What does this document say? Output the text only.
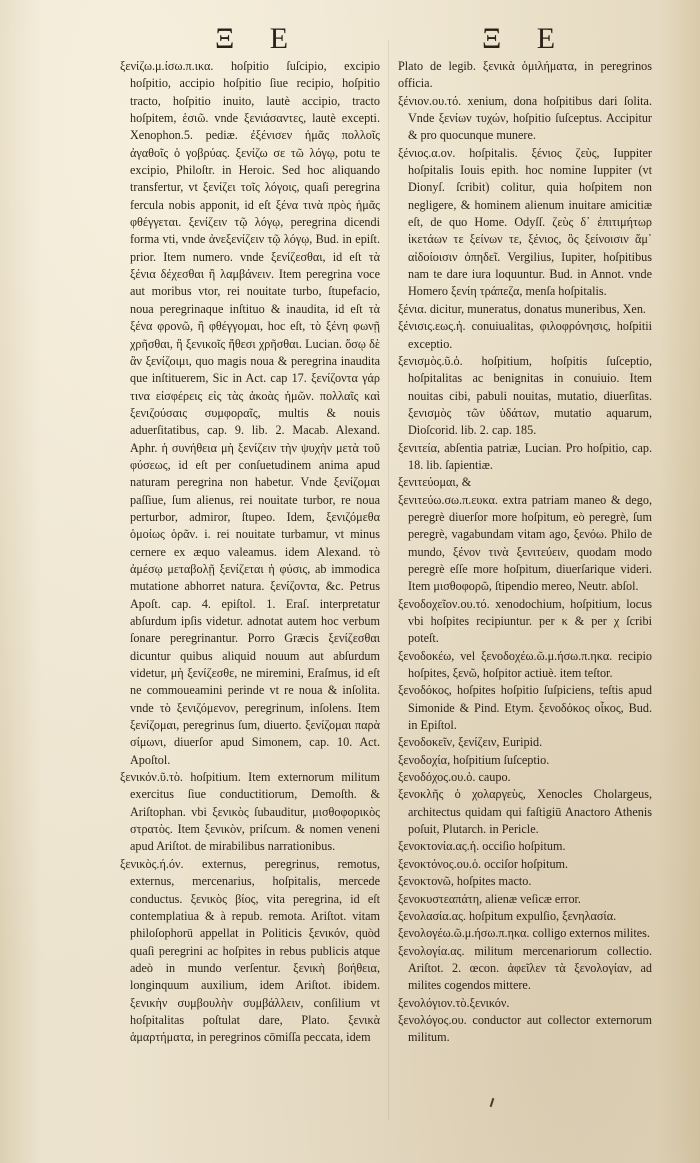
Ξ Ε	Ξ Ε

ξενίζω.μ.ίσω.π.ικα. hoſpitio ſuſcipio, excipio hoſpitio, accipio hoſpitio ſiue recipio, hoſpitio tracto, hoſpitio inuito, lautè accipio, tracto hoſpitem, ἑσιῶ. vnde ξενιάσαντες, lautè excepti. Xenophon.5. pediæ. ἐξένισεν ἡμᾶς πολλοῖς ἀγαθοῖς ὁ γοβρύας. ξενίζω σε τῶ λόγῳ, potu te excipio, Philoſtr. in Heroic. Sed hoc aliquando transfertur, vt ξενίζει τοῖς λόγοις, quaſi peregrina fercula nobis apponit, id eſt ξένα τινὰ πρὸς ἡμᾶς φθέγγεται. ξενίζειν τῷ λόγῳ, peregrina dicendi forma vti, vnde ἀνεξενίζειν τῷ λόγῳ, Bud. in epiſt. prior. Item numero. vnde ξενίζεσθαι, id eſt τὰ ξένια δέχεσθαι ἢ λαμβάνειν. Item peregrina voce aut moribus vtor, rei nouitate turbo, ſtupefacio, noua peregrinaque inſtituo & inaudita, id eſt τὰ ξένα φρονῶ, ἢ φθέγγομαι, hoc eſt, τὸ ξένη φωνῇ χρῆσθαι, ἢ ξενικοῖς ἤθεσι χρῆσθαι. Lucian. ὅσῳ δὲ ἂν ξενίζοιμι, quo magis noua & peregrina inaudita que inſtituerem, Sic in Act. cap 17. ξενίζοντα γάρ τινα εἰσφέρεις εἰς τὰς ἀκοὰς ἡμῶν. πολλαῖς καὶ ξενιζούσαις συμφοραῖς, multis & nouis aduerſitatibus, cap. 9. lib. 2. Macab. Alexand. Aphr. ἡ συνήθεια μὴ ξενίζειν τὴν ψυχὴν μετὰ τοῦ φύσεως, id eſt per conſuetudinem anima apud naturam peregrina non habetur. Vnde ξενίζομαι paſſiue, ſum alienus, rei nouitate turbor, re noua perturbor, admiror, ſtupeo. Idem, ξενιζόμεθα ὁμοίως ὁρᾶν. i. rei nouitate turbamur, vt minus cernere ex æquo valeamus. idem Alexand. τὸ ἀμέσῳ μεταβολῇ ξενίζεται ἡ φύσις, ab immodica mutatione abhorret natura. ξενίζοντα, &c. Petrus Apoſt. cap. 4. epiſtol. 1. Eraſ. interpretatur abſurdum ipſis videtur. adnotat autem hoc verbum ſonare peregrinantur. Porro Græcis ξενίζεσθαι dicuntur quibus aliquid nouum aut abſurdum videtur, μὴ ξενίζεσθε, ne miremini, Eraſmus, id eſt ne commoueamini perinde vt re noua & inſolita. vnde τὸ ξενιζόμενον, peregrinum, inſolens. Item ξενίζομαι, peregrinus ſum, diuerto. ξενίζομαι παρὰ σίμωνι, diuerſor apud Simonem, cap. 10. Act. Apoſtol.

ξενικόν.ῦ.τὸ. hoſpitium. Item externorum militum exercitus ſiue conductitiorum, Demoſth. & Ariſtophan. vbi ξενικὸς ſubauditur, μισθοφορικὸς στρατὸς. Item ξενικὸν, priſcum. & nomen veneni apud Ariſtot. de mirabilibus narrationibus.

ξενικὸς.ή.όν. externus, peregrinus, remotus, externus, mercenarius, hoſpitalis, mercede conductus. ξενικὸς βίος, vita peregrina, id eſt contemplatiua & à repub. remota. Ariſtot. vitam philoſophorū appellat in Politicis ξενικόν, quòd quaſi peregrini ac hoſpites in rebus publicis atque adeò in mundo verſentur. ξενικὴ βοήθεια, longinquum auxilium, idem Ariſtot. ibidem. ξενικὴν συμβουλὴν συμβάλλειν, conſilium vt hoſpitalitas poſtulat dare, Plato. ξενικὰ ἁμαρτήματα, in peregrinos cōmiſſa peccata, idem

Plato de legib. ξενικὰ ὁμιλήματα, in peregrinos officia.

ξένιον.ου.τό. xenium, dona hoſpitibus dari ſolita. Vnde ξενίων τυχών, hoſpitio ſuſceptus. Accipitur & pro quocunque munere.

ξένιος.α.ον. hoſpitalis. ξένιος ζεὺς, Iuppiter hoſpitalis Iouis epith. hoc nomine Iuppiter (vt Dionyſ. ſcribit) colitur, quia hoſpitem non negligere, & hominem alienum inuitare amicitiæ eſt, de quo Home. Odyſſ. ζεὺς δ᾽ ἐπιτιμήτωρ ἱκετάων τε ξείνων τε, ξένιος, ὃς ξείνοισιν ἅμ᾽ αἰδοίοισιν ὀπηδεῖ. Vergilius, Iupiter, hoſpitibus nam te dare iura loquuntur. Bud. in Annot. vnde Homero ξενίη τράπεζα, menſa hoſpitalis.

ξένια. dicitur, muneratus, donatus muneribus, Xen.

ξένισις.εως.ἡ. conuiualitas, φιλοφρόνησις, hoſpitii exceptio.

ξενισμὸς.ῦ.ὁ. hoſpitium, hoſpitis ſuſceptio, hoſpitalitas ac benignitas in conuiuio. Item nouitas cibi, pabuli nouitas, mutatio, diuerſitas. ξενισμὸς τῶν ὑδάτων, mutatio aquarum, Dioſcorid. lib. 2. cap. 185.

ξενιτεία, abſentia patriæ, Lucian. Pro hoſpitio, cap. 18. lib. ſapientiæ.

ξενιτεύομαι, &

ξενιτεύω.σω.π.ευκα. extra patriam maneo & dego, peregrè diuerſor more hoſpitum, eò peregrè, ſum peregrè, vagabundam vitam ago, ξενόω. Philo de mundo, ξένον τινὰ ξενιτεύειν, quodam modo peregrè eſſe more hoſpitum, diuerſarique videri. Item μισθοφορῶ, ſtipendio mereo, Neutr. abſol.

ξενοδοχεῖον.ου.τό. xenodochium, hoſpitium, locus vbi hoſpites recipiuntur. per κ & per χ ſcribi poteſt.

ξενοδοκέω, vel ξενοδοχέω.ῶ.μ.ήσω.π.ηκα. recipio hoſpites, ξενῶ, hoſpitor actiuè. item teſtor.

ξενοδόκος, hoſpites hoſpitio ſuſpiciens, teſtis apud Simonide & Pind. Etym. ξενοδόκος οἶκος, Bud. in Epiſtol.

ξενοδοκεῖν, ξενίζειν, Euripid.

ξενοδοχία, hoſpitium ſuſceptio.

ξενοδόχος.ου.ὁ. caupo.

ξενοκλῆς ὁ χολαργεὺς, Xenocles Cholargeus, architectus quidam qui faſtigiū Anactoro Athenis poſuit, Plutarch. in Pericle.

ξενοκτονία.ας.ἡ. occiſio hoſpitum.

ξενοκτόνος.ου.ὁ. occiſor hoſpitum.

ξενοκτονῶ, hoſpites macto.

ξενοκυστεαπάτη, alienæ veſicæ error.

ξενολασία.ας. hoſpitum expulſio, ξενηλασία.

ξενολογέω.ῶ.μ.ήσω.π.ηκα. colligo externos milites.

ξενολογία.ας. militum mercenariorum collectio. Ariſtot. 2. œcon. ἀφεῖλεν τὰ ξενολογίαν, ad milites cogendos mittere.

ξενολόγιον.τὸ.ξενικόν.

ξενολόγος.ου. conductor aut collector externorum militum.
